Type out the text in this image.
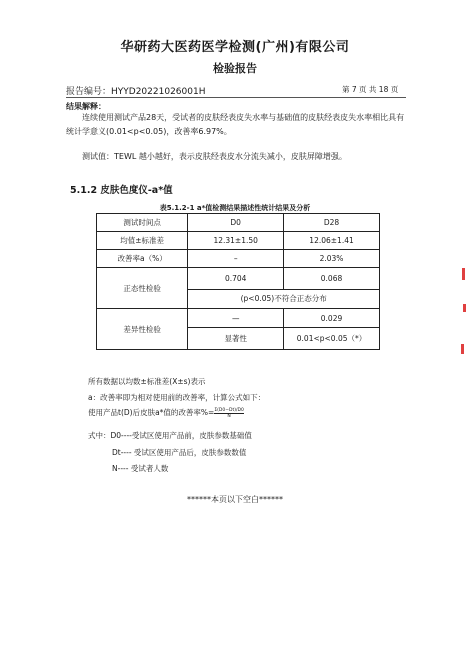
华研药大医药医学检测(广州)有限公司
检验报告
报告编号：HYYD20221026001H	第 7 页 共 18 页
结果解释：
连续使用测试产品28天，受试者的皮肤经表皮失水率与基础值的皮肤经表皮失水率相比具有统计学意义(0.01<p<0.05)，改善率6.97%。
测试值：TEWL 越小越好，表示皮肤经表皮水分流失减小，皮肤屏障增强。
5.1.2 皮肤色度仪-a*值
表5.1.2-1 a*值检测结果描述性统计结果及分析
测试时间点	D0	D28
均值±标准差	12.31±1.50	12.06±1.41
改善率a（%）	–	2.03%
正态性检验	0.704	0.068
	(p<0.05)不符合正态分布	
差异性检验	—	0.029
	显著性	0.01<p<0.05（*）
所有数据以均数±标准差(X±s)表示
a：改善率即为相对使用前的改善率，计算公式如下：
使用产品t(D)后皮肤a*值的改善率%= $\frac{\Sigma(D0-Dt)/D0}{N}$
式中：D0----受试区使用产品前，皮肤参数基础值
Dt---- 受试区使用产品后，皮肤参数数值
N---- 受试者人数
******本页以下空白******
